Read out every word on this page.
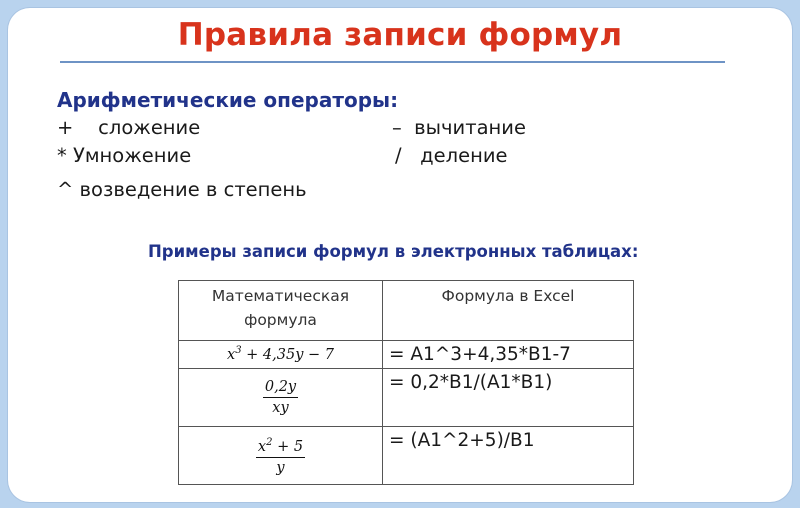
Правила записи формул
Арифметические операторы:
+    сложение	–  вычитание
* Умножение	/   деление
^ возведение в степень
Примеры записи формул в электронных таблицах:
Математическая формула	Формула в Excel
$x^3 + 4,35y - 7$	= A1^3+4,35*B1-7

$\frac{0,2y}{xy}$	= 0,2*B1/(A1*B1)

$\frac{x^2 + 5}{y}$	= (A1^2+5)/B1
